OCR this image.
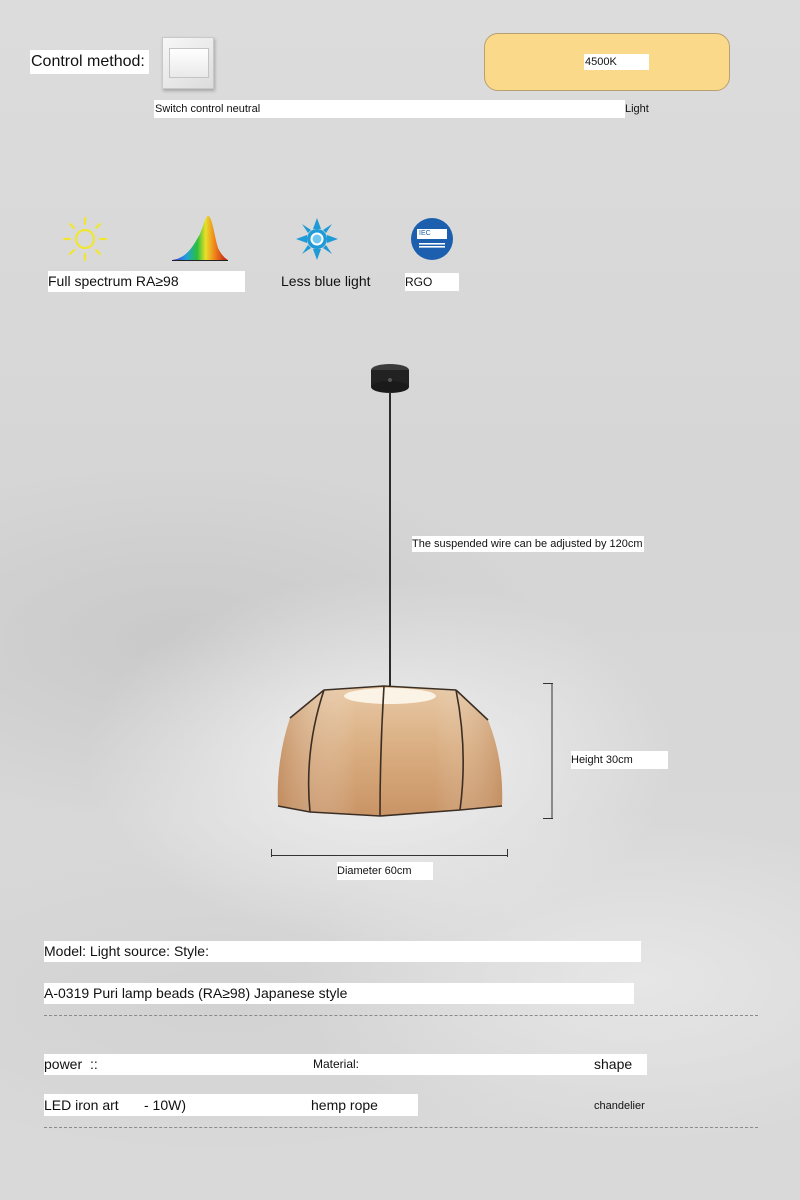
Control method:	4500K
Switch control neutral	Light
IEC
Full spectrum RA≥98	Less blue light	RGO
The suspended wire can be adjusted by 120cm
Height 30cm
Diameter 60cm
Model: Light source: Style:
A-0319 Puri lamp beads (RA≥98) Japanese style
power ::	Material:	shape
LED iron art - 10W)	hemp rope	chandelier
